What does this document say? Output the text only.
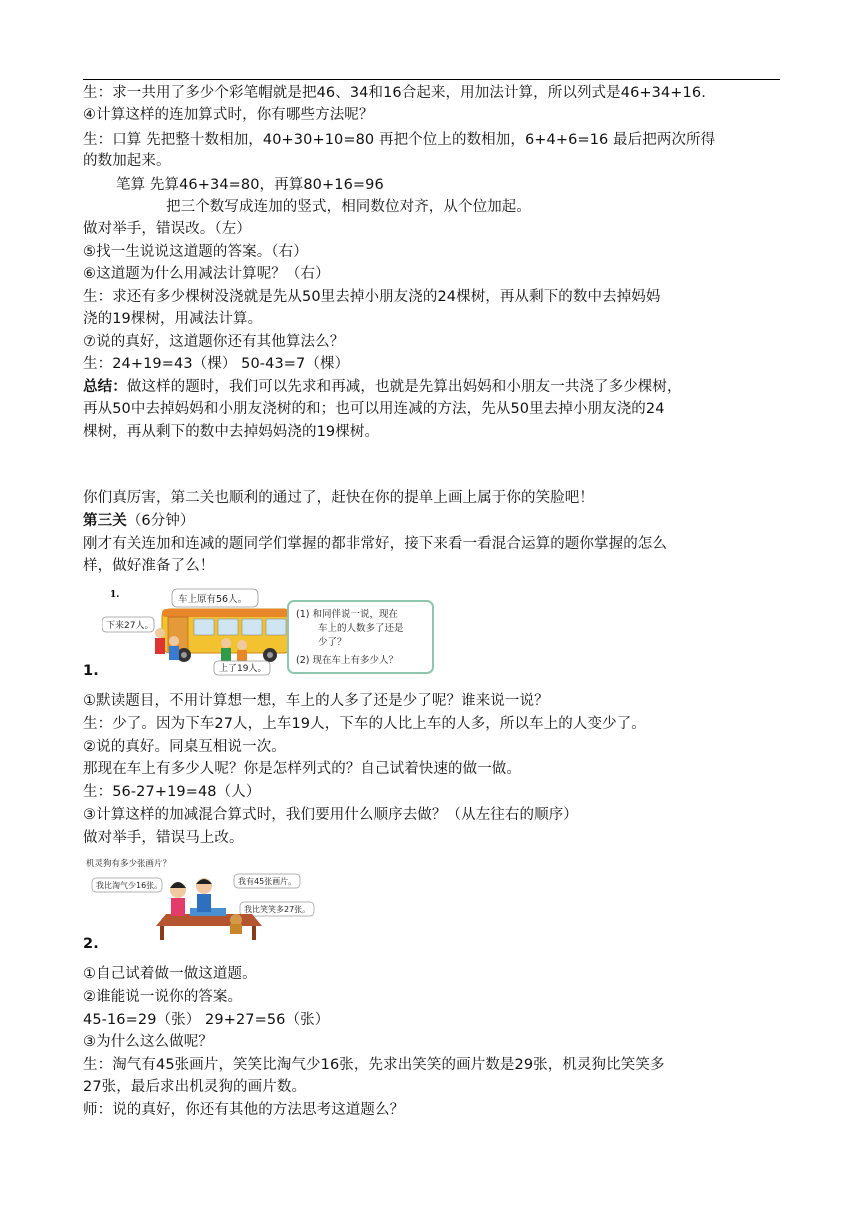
生：求一共用了多少个彩笔帽就是把46、34和16合起来，用加法计算，所以列式是46+34+16.
④计算这样的连加算式时，你有哪些方法呢？
生：口算 先把整十数相加，40+30+10=80 再把个位上的数相加，6+4+6=16 最后把两次所得
的数加起来。
笔算 先算46+34=80，再算80+16=96
把三个数写成连加的竖式，相同数位对齐，从个位加起。
做对举手，错误改。（左）
⑤找一生说说这道题的答案。（右）
⑥这道题为什么用减法计算呢？（右）
生：求还有多少棵树没浇就是先从50里去掉小朋友浇的24棵树，再从剩下的数中去掉妈妈
浇的19棵树，用减法计算。
⑦说的真好，这道题你还有其他算法么？
生：24+19=43（棵） 50-43=7（棵）
总结：做这样的题时，我们可以先求和再减，也就是先算出妈妈和小朋友一共浇了多少棵树，
再从50中去掉妈妈和小朋友浇树的和；也可以用连减的方法，先从50里去掉小朋友浇的24
棵树，再从剩下的数中去掉妈妈浇的19棵树。
你们真厉害，第二关也顺利的通过了，赶快在你的提单上画上属于你的笑脸吧！
第三关（6分钟）
刚才有关连加和连减的题同学们掌握的都非常好，接下来看一看混合运算的题你掌握的怎么
样，做好准备了么！
1.	车上原有56人。
下来27人。
上了19人。
(1) 和同伴说一说，现在
车上的人数多了还是
少了？
(2) 现在车上有多少人？
1.
①默读题目，不用计算想一想，车上的人多了还是少了呢？谁来说一说？
生：少了。因为下车27人，上车19人，下车的人比上车的人多，所以车上的人变少了。
②说的真好。同桌互相说一次。
那现在车上有多少人呢？你是怎样列式的？自己试着快速的做一做。
生：56-27+19=48（人）
③计算这样的加减混合算式时，我们要用什么顺序去做？（从左往右的顺序）
做对举手，错误马上改。
机灵狗有多少张画片？
我比淘气少16张。	我有45张画片。
我比笑笑多27张。
2.
①自己试着做一做这道题。
②谁能说一说你的答案。
45-16=29（张） 29+27=56（张）
③为什么这么做呢？
生：淘气有45张画片，笑笑比淘气少16张，先求出笑笑的画片数是29张，机灵狗比笑笑多
27张，最后求出机灵狗的画片数。
师：说的真好，你还有其他的方法思考这道题么？
